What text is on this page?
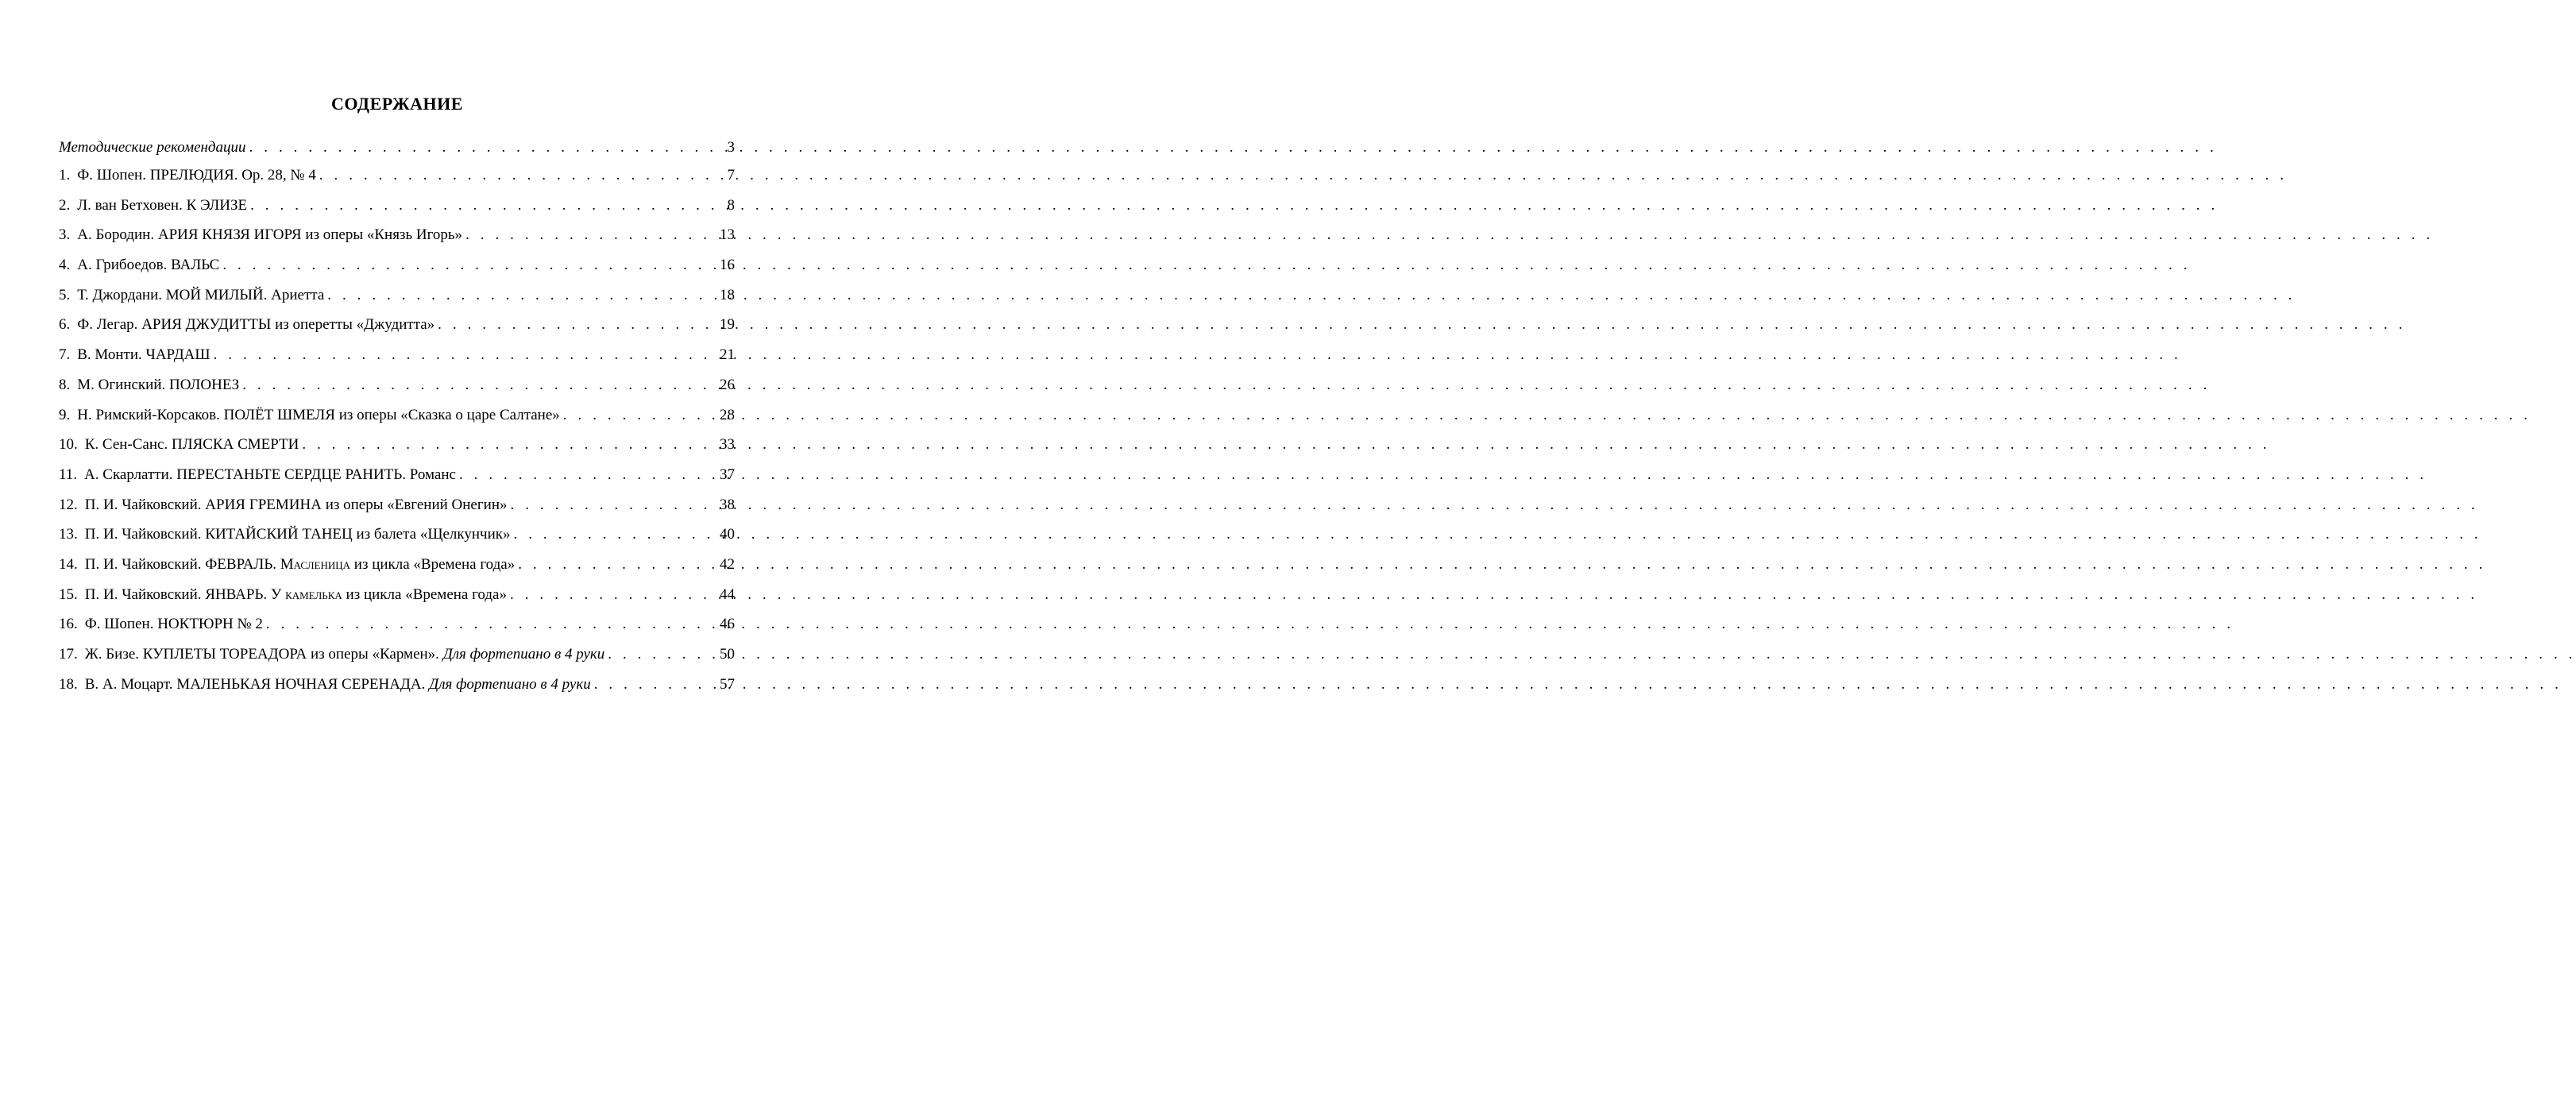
СОДЕРЖАНИЕ
Методические рекомендации . . .	3
1. Ф. Шопен. ПРЕЛЮДИЯ. Op. 28, № 4 . . .	7
2. Л. ван Бетховен. К ЭЛИЗЕ . . .	8
3. А. Бородин. АРИЯ КНЯЗЯ ИГОРЯ из оперы «Князь Игорь» . . .	13
4. А. Грибоедов. ВАЛЬС . . .	16
5. Т. Джордани. МОЙ МИЛЫЙ. Ариетта . . .	18
6. Ф. Легар. АРИЯ ДЖУДИТТЫ из оперетты «Джудитта» . . .	19
7. В. Монти. ЧАРДАШ . . .	21
8. М. Огинский. ПОЛОНЕЗ . . .	26
9. Н. Римский-Корсаков. ПОЛЁТ ШМЕЛЯ из оперы «Сказка о царе Салтане» . . .	28
10. К. Сен-Санс. ПЛЯСКА СМЕРТИ . . .	33
11. А. Скарлатти. ПЕРЕСТАНЬТЕ СЕРДЦЕ РАНИТЬ. Романс . . .	37
12. П. И. Чайковский. АРИЯ ГРЕМИНА из оперы «Евгений Онегин» . . .	38
13. П. И. Чайковский. КИТАЙСКИЙ ТАНЕЦ из балета «Щелкунчик» . . .	40
14. П. И. Чайковский. ФЕВРАЛЬ. Масленица из цикла «Времена года» . . .	42
15. П. И. Чайковский. ЯНВАРЬ. У камелька из цикла «Времена года» . . .	44
16. Ф. Шопен. НОКТЮРН № 2 . . .	46
17. Ж. Бизе. КУПЛЕТЫ ТОРЕАДОРА из оперы «Кармен». Для фортепиано в 4 руки . . .	50
18. В. А. Моцарт. МАЛЕНЬКАЯ НОЧНАЯ СЕРЕНАДА. Для фортепиано в 4 руки . . .	57
